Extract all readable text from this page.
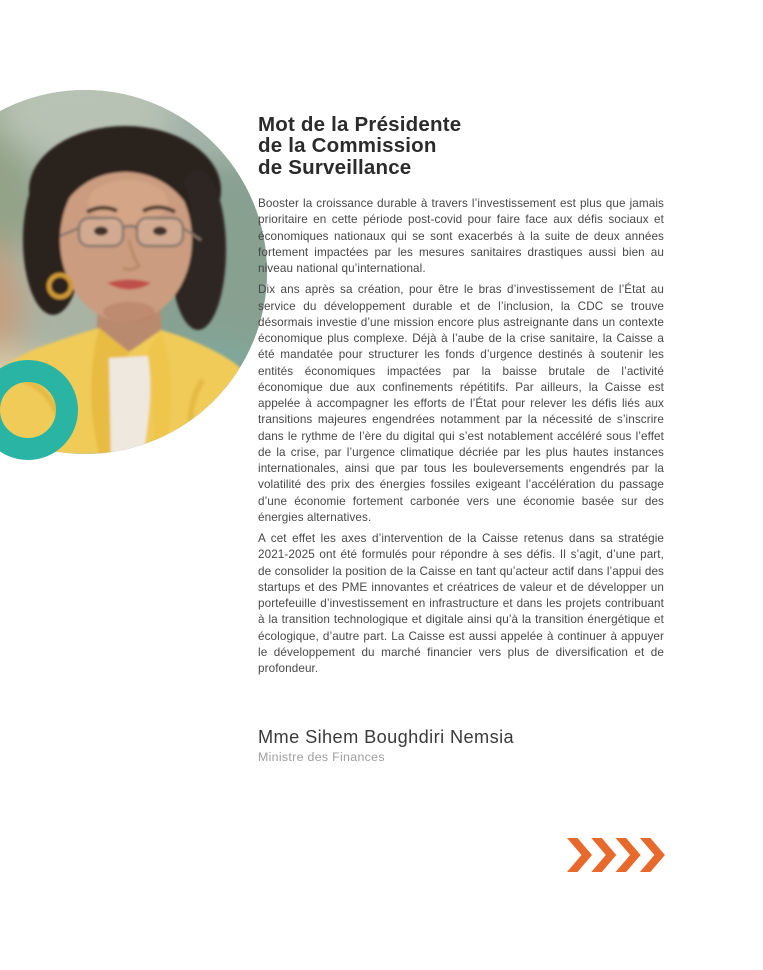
Mot de la Présidente
de la Commission
de Surveillance

Booster la croissance durable à travers l’investissement est plus que jamais prioritaire en cette période post-covid pour faire face aux défis sociaux et économiques nationaux qui se sont exacerbés à la suite de deux années fortement impactées par les mesures sanitaires drastiques aussi bien au niveau national qu’international.

Dix ans après sa création, pour être le bras d’investissement de l’État au service du développement durable et de l’inclusion, la CDC se trouve désormais investie d’une mission encore plus astreignante dans un contexte économique plus complexe. Déjà à l’aube de la crise sanitaire, la Caisse a été mandatée pour structurer les fonds d’urgence destinés à soutenir les entités économiques impactées par la baisse brutale de l’activité économique due aux confinements répétitifs. Par ailleurs, la Caisse est appelée à accompagner les efforts de l’État pour relever les défis liés aux transitions majeures engendrées notamment par la nécessité de s’inscrire dans le rythme de l’ère du digital qui s’est notablement accéléré sous l’effet de la crise, par l’urgence climatique décriée par les plus hautes instances internationales, ainsi que par tous les bouleversements engendrés par la volatilité des prix des énergies fossiles exigeant l’accélération du passage d’une économie fortement carbonée vers une économie basée sur des énergies alternatives.

A cet effet les axes d’intervention de la Caisse retenus dans sa stratégie 2021-2025 ont été formulés pour répondre à ses défis. Il s’agit, d’une part, de consolider la position de la Caisse en tant qu’acteur actif dans l’appui des startups et des PME innovantes et créatrices de valeur et de développer un portefeuille d’investissement en infrastructure et dans les projets contribuant à la transition technologique et digitale ainsi qu’à la transition énergétique et écologique, d’autre part. La Caisse est aussi appelée à continuer à appuyer le développement du marché financier vers plus de diversification et de profondeur.

Mme Sihem Boughdiri Nemsia
Ministre des Finances
